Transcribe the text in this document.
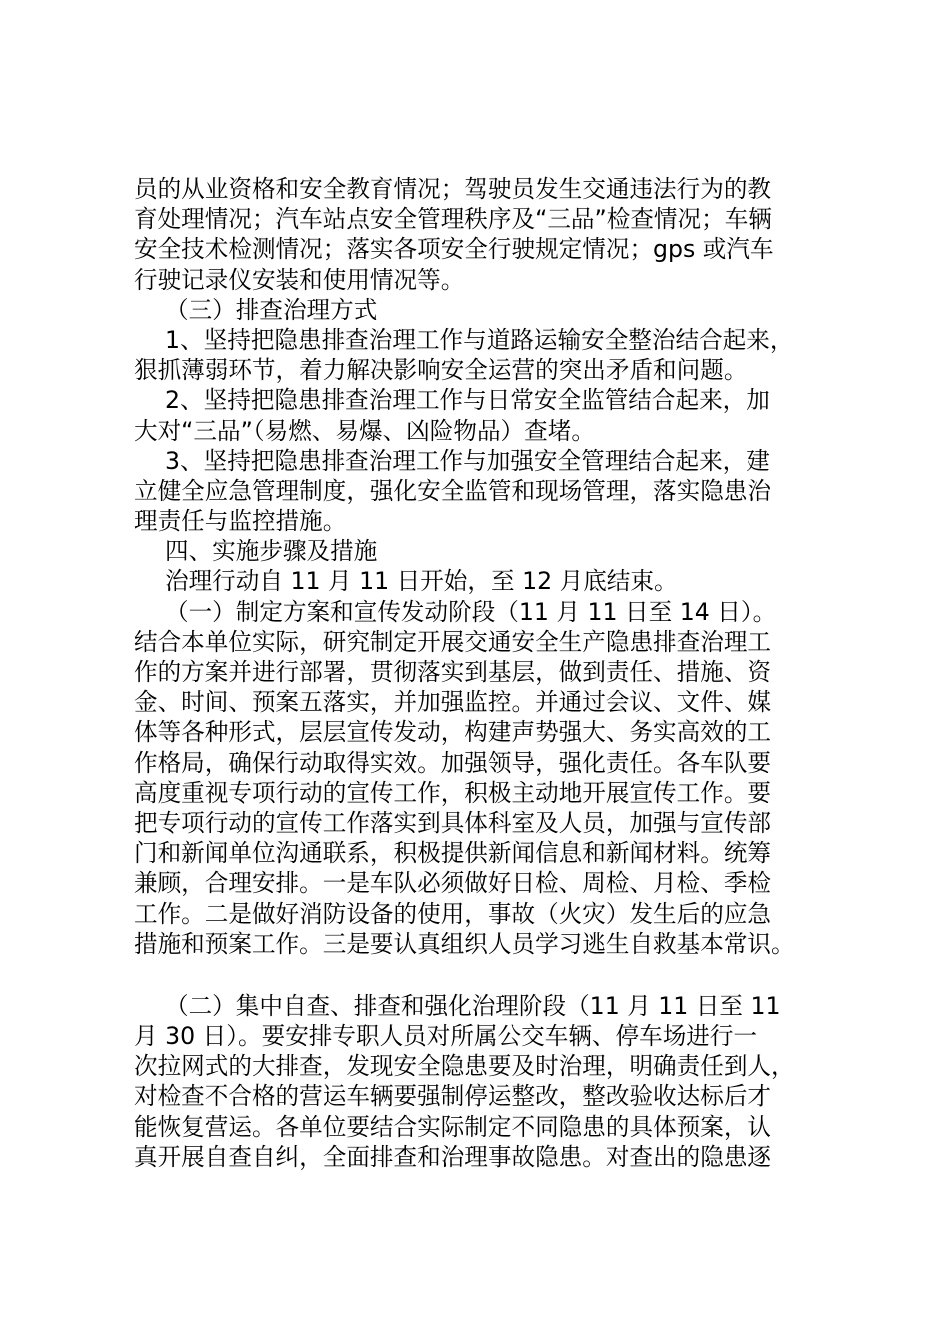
员的从业资格和安全教育情况；驾驶员发生交通违法行为的教
育处理情况；汽车站点安全管理秩序及“三品”检查情况；车辆
安全技术检测情况；落实各项安全行驶规定情况；gps 或汽车
行驶记录仪安装和使用情况等。
（三）排查治理方式
1、坚持把隐患排查治理工作与道路运输安全整治结合起来，
狠抓薄弱环节，着力解决影响安全运营的突出矛盾和问题。
2、坚持把隐患排查治理工作与日常安全监管结合起来，加
大对“三品”（易燃、易爆、凶险物品）查堵。
3、坚持把隐患排查治理工作与加强安全管理结合起来，建
立健全应急管理制度，强化安全监管和现场管理，落实隐患治
理责任与监控措施。
四、实施步骤及措施
治理行动自 11 月 11 日开始，至 12 月底结束。
（一）制定方案和宣传发动阶段（11 月 11 日至 14 日）。
结合本单位实际，研究制定开展交通安全生产隐患排查治理工
作的方案并进行部署，贯彻落实到基层，做到责任、措施、资
金、时间、预案五落实，并加强监控。并通过会议、文件、媒
体等各种形式，层层宣传发动，构建声势强大、务实高效的工
作格局，确保行动取得实效。加强领导，强化责任。各车队要
高度重视专项行动的宣传工作，积极主动地开展宣传工作。要
把专项行动的宣传工作落实到具体科室及人员，加强与宣传部
门和新闻单位沟通联系，积极提供新闻信息和新闻材料。统筹
兼顾，合理安排。一是车队必须做好日检、周检、月检、季检
工作。二是做好消防设备的使用，事故（火灾）发生后的应急
措施和预案工作。三是要认真组织人员学习逃生自救基本常识。
（二）集中自查、排查和强化治理阶段（11 月 11 日至 11
月 30 日）。要安排专职人员对所属公交车辆、停车场进行一
次拉网式的大排查，发现安全隐患要及时治理，明确责任到人，
对检查不合格的营运车辆要强制停运整改，整改验收达标后才
能恢复营运。各单位要结合实际制定不同隐患的具体预案，认
真开展自查自纠，全面排查和治理事故隐患。对查出的隐患逐
